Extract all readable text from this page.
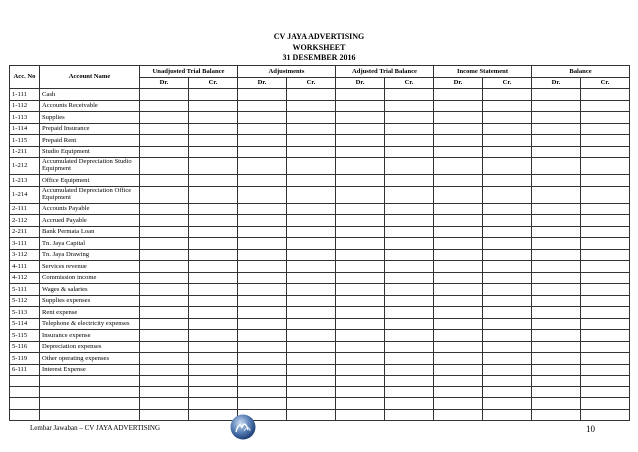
CV JAYA ADVERTISING
WORKSHEET
31 DESEMBER 2016
Acc. No	Account Name	Unadjusted Trial Balance		Adjustments		Adjusted Trial Balance		Income Statement		Balance	
		Dr.	Cr.	Dr.	Cr.	Dr.	Cr.	Dr.	Cr.	Dr.	Cr.
1-111	Cash										
1-112	Accounts Receivable										
1-113	Supplies										
1-114	Prepaid Insurance										
1-115	Prepaid Rent										
1-211	Studio Equipment										
1-212	Accumulated Depreciation Studio Equipment										
1-213	Office Equipment										
1-214	Accumulated Depreciation Office Equipment										
2-111	Accounts Payable										
2-112	Accrued Payable										
2-211	Bank Permata Loan										
3-111	Tn. Jaya Capital										
3-112	Tn. Jaya Drawing										
4-111	Services revenue										
4-112	Commission income										
5-111	Wages & salaries										
5-112	Supplies expenses										
5-113	Rent expense										
5-114	Telephone & electricity expenses										
5-115	Insurance expense										
5-116	Depreciation expenses										
5-119	Other operating expenses										
6-111	Interest Expense										

Lembar Jawaban – CV JAYA ADVERTISING	10
